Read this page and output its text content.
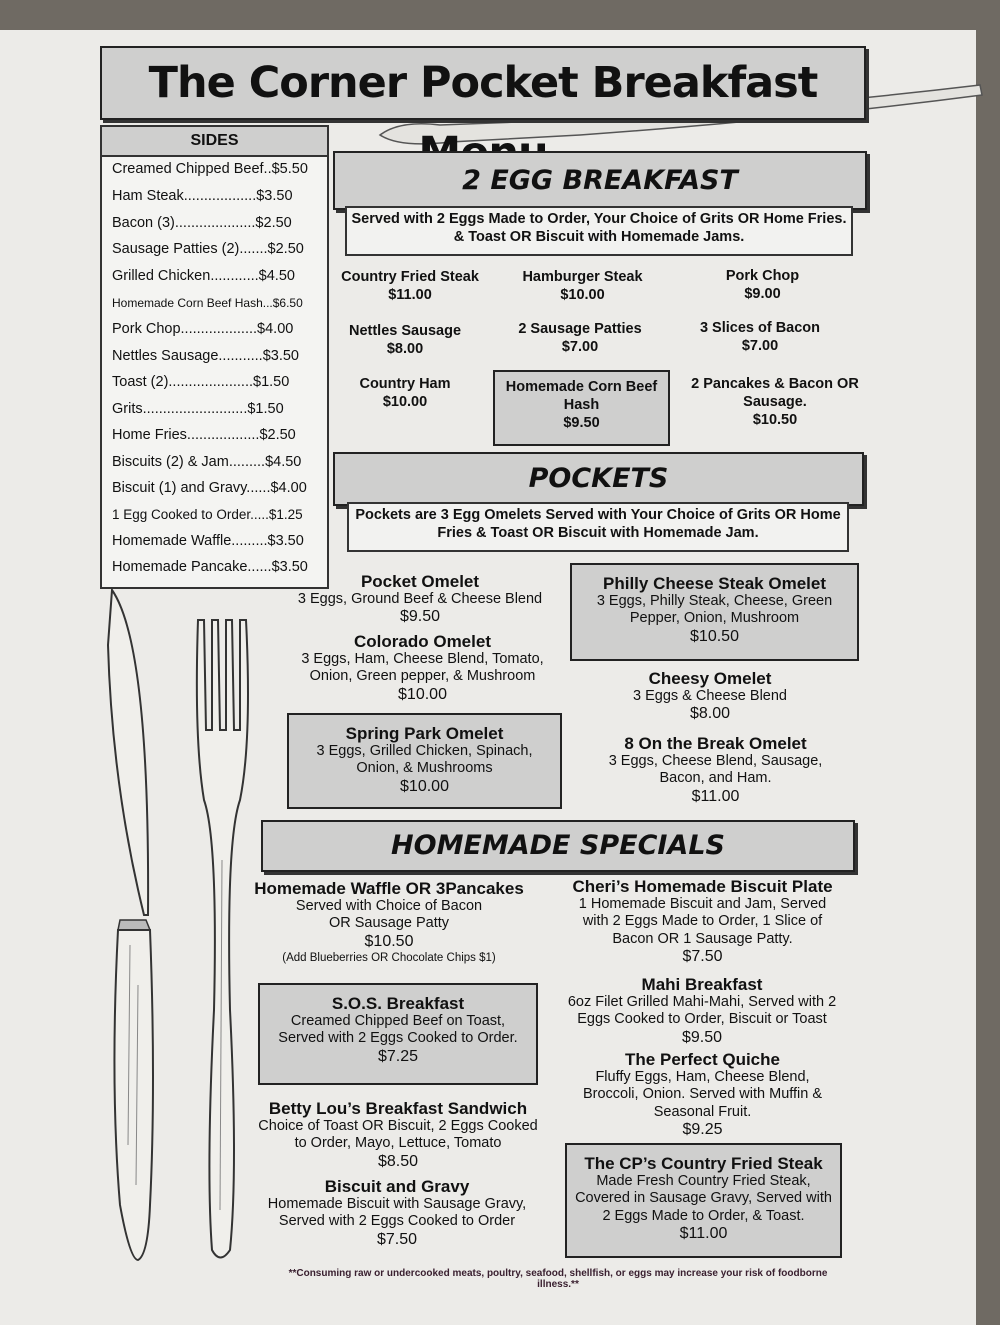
The Corner Pocket Breakfast
SIDES
Creamed Chipped Beef..$5.50
Ham Steak..................$3.50
Bacon (3)....................$2.50
Sausage Patties (2).......$2.50
Grilled Chicken............$4.50
Homemade Corn Beef Hash...$6.50
Pork Chop...................$4.00
Nettles Sausage...........$3.50
Toast (2).....................$1.50
Grits..........................$1.50
Home Fries..................$2.50
Biscuits (2) & Jam.........$4.50
Biscuit (1) and Gravy......$4.00
1 Egg Cooked to Order.....$1.25
Homemade Waffle.........$3.50
Homemade Pancake......$3.50
2 EGG BREAKFAST
Served with 2 Eggs Made to Order, Your Choice of Grits OR Home Fries. & Toast OR Biscuit with Homemade Jams.
Country Fried Steak
$11.00
Hamburger Steak
$10.00
Pork Chop
$9.00
Nettles Sausage
$8.00
2 Sausage Patties
$7.00
3 Slices of Bacon
$7.00
Country Ham
$10.00
Homemade Corn Beef Hash
$9.50
2 Pancakes & Bacon OR Sausage.
$10.50
POCKETS
Pockets are 3 Egg Omelets Served with Your Choice of Grits OR Home Fries & Toast OR Biscuit with Homemade Jam.
Pocket Omelet
3 Eggs, Ground Beef & Cheese Blend
$9.50
Colorado Omelet
3 Eggs, Ham, Cheese Blend, Tomato, Onion, Green pepper, & Mushroom
$10.00
Spring Park Omelet
3 Eggs, Grilled Chicken, Spinach, Onion, & Mushrooms
$10.00
Philly Cheese Steak Omelet
3 Eggs, Philly Steak, Cheese, Green Pepper, Onion, Mushroom
$10.50
Cheesy Omelet
3 Eggs & Cheese Blend
$8.00
8 On the Break Omelet
3 Eggs, Cheese Blend, Sausage, Bacon, and Ham.
$11.00
HOMEMADE SPECIALS
Homemade Waffle OR 3Pancakes
Served with Choice of Bacon OR Sausage Patty
$10.50
(Add Blueberries OR Chocolate Chips $1)
S.O.S. Breakfast
Creamed Chipped Beef on Toast, Served with 2 Eggs Cooked to Order.
$7.25
Betty Lou’s Breakfast Sandwich
Choice of Toast OR Biscuit, 2 Eggs Cooked to Order, Mayo, Lettuce, Tomato
$8.50
Biscuit and Gravy
Homemade Biscuit with Sausage Gravy, Served with 2 Eggs Cooked to Order
$7.50
Cheri’s Homemade Biscuit Plate
1 Homemade Biscuit and Jam, Served with 2 Eggs Made to Order, 1 Slice of Bacon OR 1 Sausage Patty.
$7.50
Mahi Breakfast
6oz Filet Grilled Mahi-Mahi, Served with 2 Eggs Cooked to Order, Biscuit or Toast
$9.50
The Perfect Quiche
Fluffy Eggs, Ham, Cheese Blend, Broccoli, Onion. Served with Muffin & Seasonal Fruit.
$9.25
The CP’s Country Fried Steak
Made Fresh Country Fried Steak, Covered in Sausage Gravy, Served with 2 Eggs Made to Order, & Toast.
$11.00
**Consuming raw or undercooked meats, poultry, seafood, shellfish, or eggs may increase your risk of foodborne illness.**
